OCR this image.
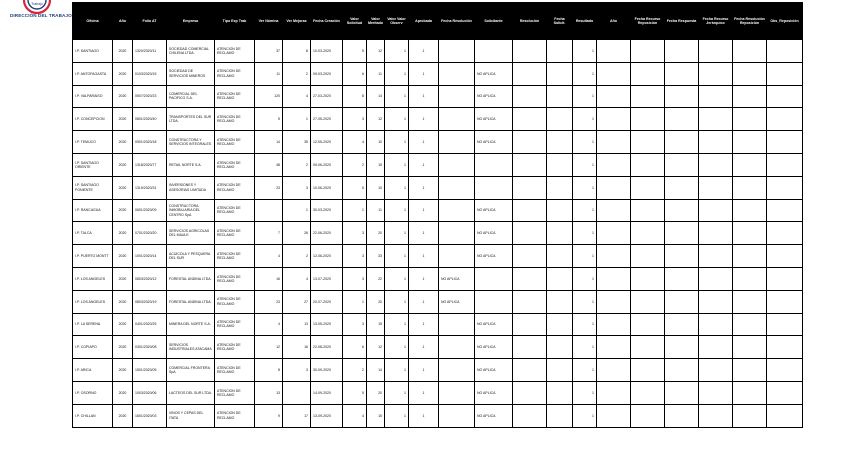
Trabajo
DIRECCIÓN DEL TRABAJO
Oficina	Año	Folio AT	Empresa	Tipo Exp Trab	Ver Nómina	Ver Mejoras	Fecha Creación	Valor Solicitud	Valor Meritado	Valor Valor Observ	Aprobada	Fecha Resolución	Solicitante	Resolución	Fecha Solicit.	Resultado	Año	Fecha Recurso Reposición	Fecha Respuesta	Fecha Recurso Jerárquico	Fecha Resolución Reposición	Obs_Reposición
I.P. SANTIAGO	2020	1320/2020/11	SOCIEDAD COMERCIAL CHILENA LTDA.	ATENCION DE RECLAMO	37	8	10-03-2020	5	12	1	1					1						
I.P. ANTOFAGASTA	2020	0103/2020/15	SOCIEDAD DE SERVICIOS MINEROS	ATENCION DE RECLAMO	11	2	09-03-2020	6	11	1	1		NO APLICA			1						
I.P. VALPARAISO	2020	0507/2020/23	COMERCIAL DEL PACIFICO S.A.	ATENCION DE RECLAMO	120	4	27-03-2020	8	14	1	1		NO APLICA			1						
I.P. CONCEPCION	2020	0801/2020/40	TRANSPORTES DEL SUR LTDA.	ATENCION DE RECLAMO	5	1	27-05-2020	3	12	1	1		NO APLICA			1						
I.P. TEMUCO	2020	0901/2020/18	CONSTRUCTORA Y SERVICIOS INTEGRALES	ATENCION DE RECLAMO	14	35	12-05-2020	4	10	1	1		NO APLICA			1						
I.P. SANTIAGO ORIENTE	2020	1318/2020/77	RETAIL NORTE S.A.	ATENCION DE RECLAMO	48	2	09-06-2020	2	15	1	1					1						
I.P. SANTIAGO PONIENTE	2020	1319/2020/31	INVERSIONES Y ASESORIAS LIMITADA	ATENCION DE RECLAMO	23	3	10-06-2020	5	10	1	1					1						
I.P. RANCAGUA	2020	0601/2020/09	CONSTRUCTORA INMOBILIARIA DEL CENTRO SpA	ATENCION DE RECLAMO		1	30-03-2020	1	11	1	1		NO APLICA			1						
I.P. TALCA	2020	0701/2020/20	SERVICIOS AGRICOLAS DEL MAULE	ATENCION DE RECLAMO	7	26	22-06-2020	3	20	1	1		NO APLICA			1						
I.P. PUERTO MONTT	2020	1001/2020/14	ACUICOLA Y PESQUERA DEL SUR	ATENCION DE RECLAMO	4	2	12-06-2020	3	33	1	1		NO APLICA			1						
I.P. LOS ANGELES	2020	0803/2020/12	FORESTAL ANDINA LTDA.	ATENCION DE RECLAMO	16	4	13-07-2020	3	22	1	1	NO APLICA				1						
I.P. LOS ANGELES	2020	0803/2020/19	FORESTAL ANDINA LTDA.	ATENCION DE RECLAMO	23	27	20-07-2020	1	20	1	1	NO APLICA				1						
I.P. LA SERENA	2020	0401/2020/25	MINERA DEL NORTE S.A.	ATENCION DE RECLAMO	4	13	13-05-2020	3	15	1	1		NO APLICA			1						
I.P. COPIAPO	2020	0301/2020/08	SERVICIOS INDUSTRIALES ATACAMA	ATENCION DE RECLAMO	12	16	22-08-2020	6	12	1	1		NO APLICA			1						
I.P. ARICA	2020	1501/2020/05	COMERCIAL FRONTERA SpA	ATENCION DE RECLAMO	8	3	30-09-2020	2	14	1	1		NO APLICA			1						
I.P. OSORNO	2020	1003/2020/06	LACTEOS DEL SUR LTDA.	ATENCION DE RECLAMO	13		14-09-2020	5	20	1	1		NO APLICA			1						
I.P. CHILLAN	2020	1601/2020/03	VINOS Y CEPAS DEL ITATA	ATENCION DE RECLAMO	9	17	13-09-2020	4	15	1	1		NO APLICA			1						
